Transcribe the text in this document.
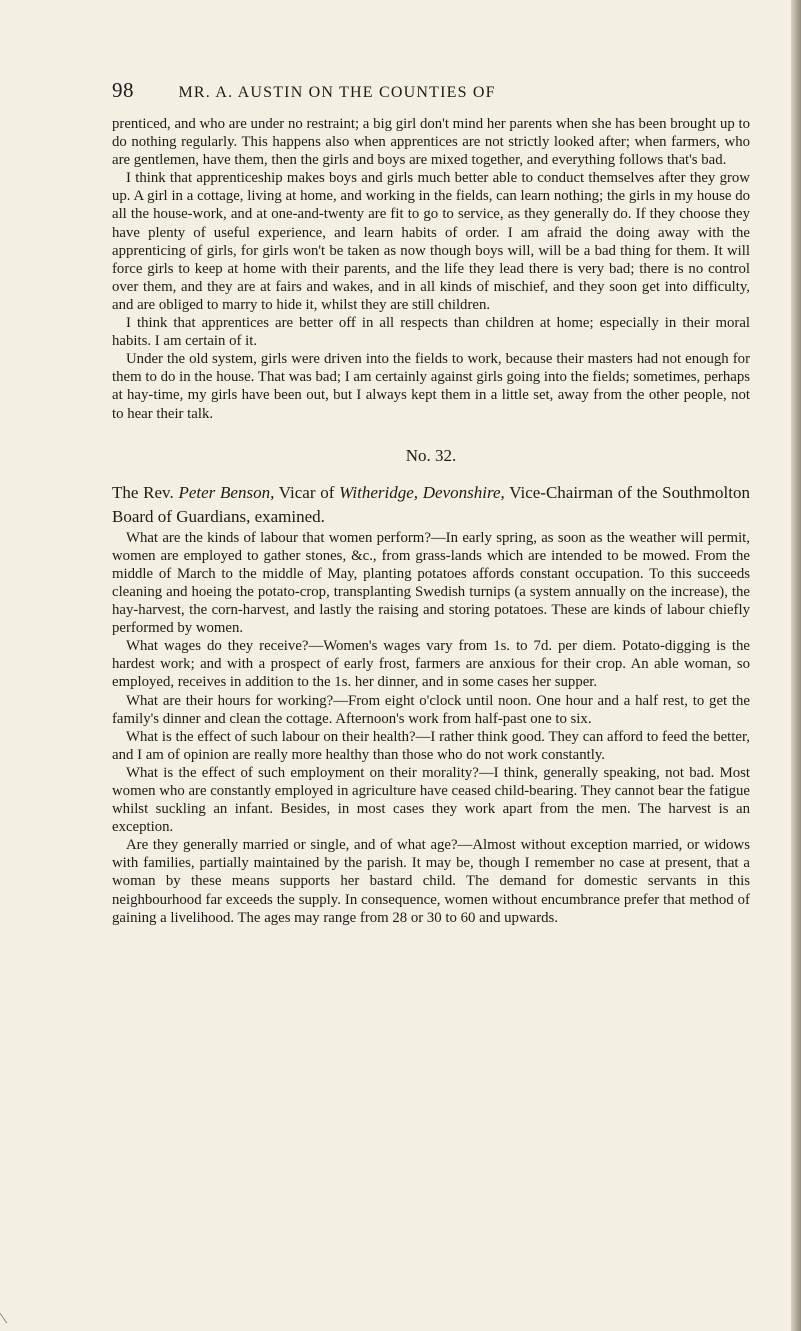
98	MR. A. AUSTIN ON THE COUNTIES OF

prenticed, and who are under no restraint; a big girl don't mind her parents when she has been brought up to do nothing regularly. This happens also when apprentices are not strictly looked after; when farmers, who are gentlemen, have them, then the girls and boys are mixed together, and everything follows that's bad.

I think that apprenticeship makes boys and girls much better able to conduct themselves after they grow up. A girl in a cottage, living at home, and working in the fields, can learn nothing; the girls in my house do all the house-work, and at one-and-twenty are fit to go to service, as they generally do. If they choose they have plenty of useful experience, and learn habits of order. I am afraid the doing away with the apprenticing of girls, for girls won't be taken as now though boys will, will be a bad thing for them. It will force girls to keep at home with their parents, and the life they lead there is very bad; there is no control over them, and they are at fairs and wakes, and in all kinds of mischief, and they soon get into difficulty, and are obliged to marry to hide it, whilst they are still children.

I think that apprentices are better off in all respects than children at home; especially in their moral habits. I am certain of it.

Under the old system, girls were driven into the fields to work, because their masters had not enough for them to do in the house. That was bad; I am certainly against girls going into the fields; sometimes, perhaps at hay-time, my girls have been out, but I always kept them in a little set, away from the other people, not to hear their talk.

No. 32.

The Rev. Peter Benson, Vicar of Witheridge, Devonshire, Vice-Chairman of the Southmolton Board of Guardians, examined.

What are the kinds of labour that women perform?—In early spring, as soon as the weather will permit, women are employed to gather stones, &c., from grass-lands which are intended to be mowed. From the middle of March to the middle of May, planting potatoes affords constant occupation. To this succeeds cleaning and hoeing the potato-crop, transplanting Swedish turnips (a system annually on the increase), the hay-harvest, the corn-harvest, and lastly the raising and storing potatoes. These are kinds of labour chiefly performed by women.

What wages do they receive?—Women's wages vary from 1s. to 7d. per diem. Potato-digging is the hardest work; and with a prospect of early frost, farmers are anxious for their crop. An able woman, so employed, receives in addition to the 1s. her dinner, and in some cases her supper.

What are their hours for working?—From eight o'clock until noon. One hour and a half rest, to get the family's dinner and clean the cottage. Afternoon's work from half-past one to six.

What is the effect of such labour on their health?—I rather think good. They can afford to feed the better, and I am of opinion are really more healthy than those who do not work constantly.

What is the effect of such employment on their morality?—I think, generally speaking, not bad. Most women who are constantly employed in agriculture have ceased child-bearing. They cannot bear the fatigue whilst suckling an infant. Besides, in most cases they work apart from the men. The harvest is an exception.

Are they generally married or single, and of what age?—Almost without exception married, or widows with families, partially maintained by the parish. It may be, though I remember no case at present, that a woman by these means supports her bastard child. The demand for domestic servants in this neighbourhood far exceeds the supply. In consequence, women without encumbrance prefer that method of gaining a livelihood. The ages may range from 28 or 30 to 60 and upwards.
